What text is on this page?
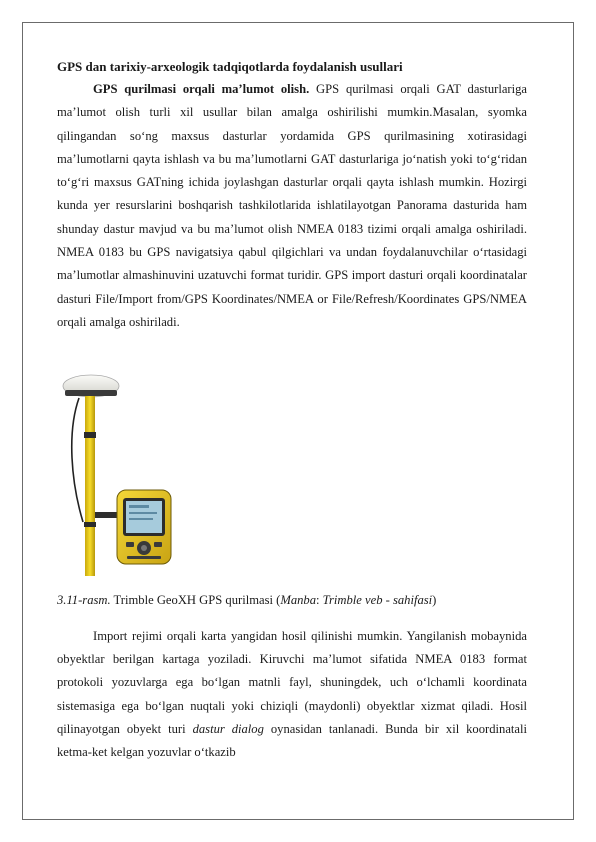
GPS dan tarixiy-arxeologik tadqiqotlarda foydalanish usullari

GPS qurilmasi orqali ma’lumot olish. GPS qurilmasi orqali GAT dasturlariga ma’lumot olish turli xil usullar bilan amalga oshirilishi mumkin.Masalan, syomka qilingandan so‘ng maxsus dasturlar yordamida GPS qurilmasining xotirasidagi ma’lumotlarni qayta ishlash va bu ma’lumotlarni GAT dasturlariga jo‘natish yoki to‘g‘ridan to‘g‘ri maxsus GATning ichida joylashgan dasturlar orqali qayta ishlash mumkin. Hozirgi kunda yer resurslarini boshqarish tashkilotlarida ishlatilayotgan Panorama dasturida ham shunday dastur mavjud va bu ma’lumot olish NMEA 0183 tizimi orqali amalga oshiriladi. NMEA 0183 bu GPS navigatsiya qabul qilgichlari va undan foydalanuvchilar o‘rtasidagi ma’lumotlar almashinuvini uzatuvchi format turidir. GPS import dasturi orqali koordinatalar dasturi File/Import from/GPS Koordinates/NMEA or File/Refresh/Koordinates GPS/NMEA orqali amalga oshiriladi.

3.11-rasm. Trimble GeoXH GPS qurilmasi (Manba: Trimble veb - sahifasi)

Import rejimi orqali karta yangidan hosil qilinishi mumkin. Yangilanish mobaynida obyektlar berilgan kartaga yoziladi. Kiruvchi ma’lumot sifatida NMEA 0183 format protokoli yozuvlarga ega bo‘lgan matnli fayl, shuningdek, uch o‘lchamli koordinata sistemasiga ega bo‘lgan nuqtali yoki chiziqli (maydonli) obyektlar xizmat qiladi. Hosil qilinayotgan obyekt turi dastur dialog oynasidan tanlanadi. Bunda bir xil koordinatali ketma-ket kelgan yozuvlar o‘tkazib
